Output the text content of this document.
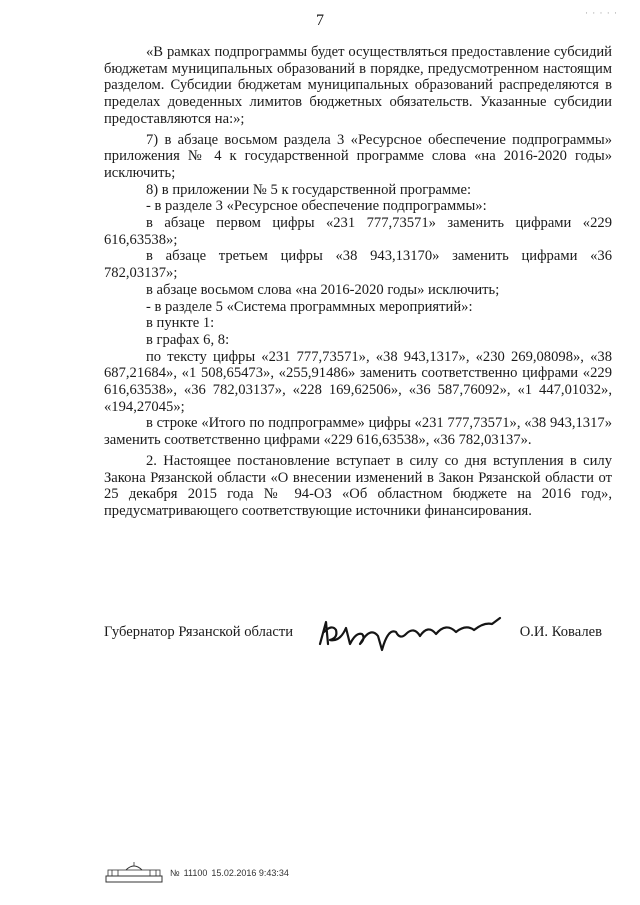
7	· · · · ·

«В рамках подпрограммы будет осуществляться предоставление субсидий бюджетам муниципальных образований в порядке, предусмотренном настоящим разделом. Субсидии бюджетам муниципальных образований распределяются в пределах доведенных лимитов бюджетных обязательств. Указанные субсидии предоставляются на:»;

7) в абзаце восьмом раздела 3 «Ресурсное обеспечение подпрограммы» приложения № 4 к государственной программе слова «на 2016-2020 годы» исключить;

8) в приложении № 5 к государственной программе:

- в разделе 3 «Ресурсное обеспечение подпрограммы»:

в абзаце первом цифры «231 777,73571» заменить цифрами «229 616,63538»;

в абзаце третьем цифры «38 943,13170» заменить цифрами «36 782,03137»;

в абзаце восьмом слова «на 2016-2020 годы» исключить;

- в разделе 5 «Система программных мероприятий»:

в пункте 1:

в графах 6, 8:

по тексту цифры «231 777,73571», «38 943,1317», «230 269,08098», «38 687,21684», «1 508,65473», «255,91486» заменить соответственно цифрами «229 616,63538», «36 782,03137», «228 169,62506», «36 587,76092», «1 447,01032», «194,27045»;

в строке «Итого по подпрограмме» цифры «231 777,73571», «38 943,1317» заменить соответственно цифрами «229 616,63538», «36 782,03137».

2. Настоящее постановление вступает в силу со дня вступления в силу Закона Рязанской области «О внесении изменений в Закон Рязанской области от 25 декабря 2015 года № 94-ОЗ «Об областном бюджете на 2016 год», предусматривающего соответствующие источники финансирования.

Губернатор Рязанской области	О.И. Ковалев
№ 11100 15.02.2016 9:43:34
